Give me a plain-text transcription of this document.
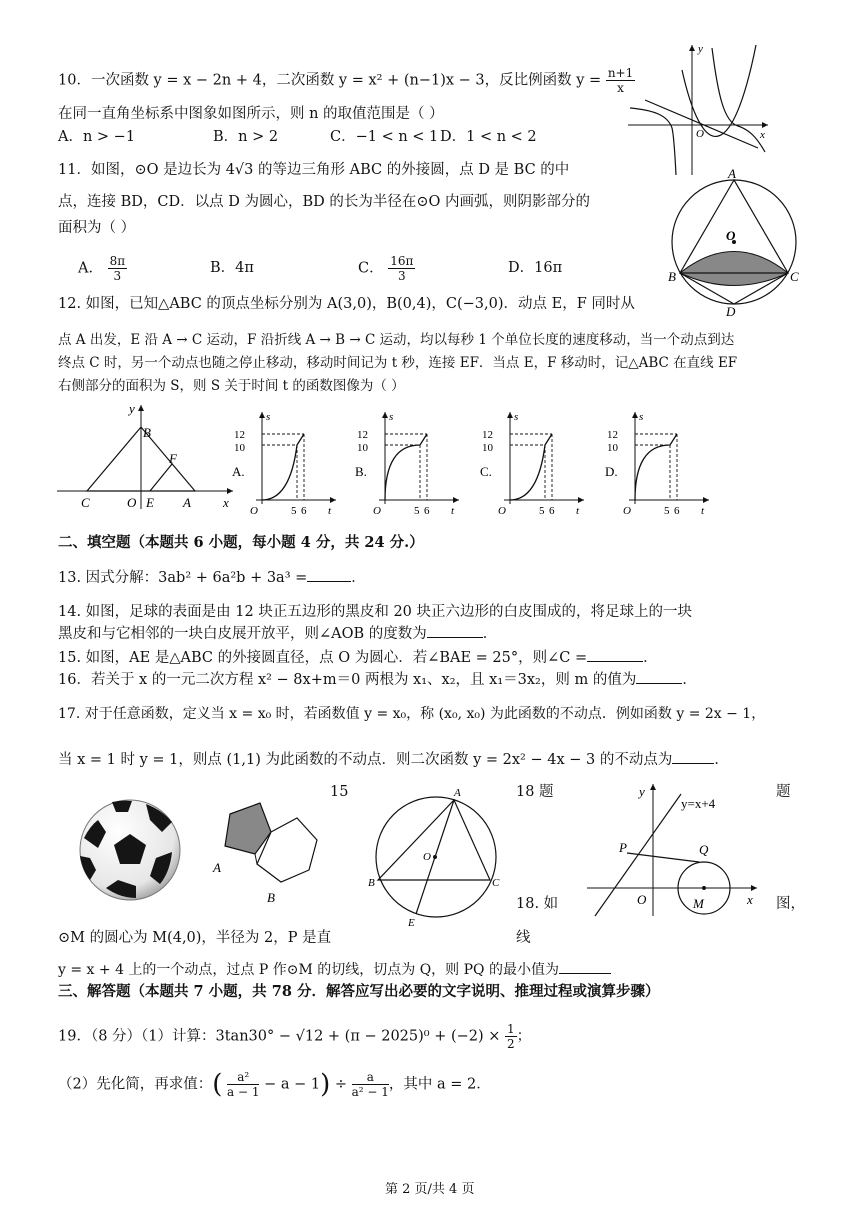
10．一次函数 y = x − 2n + 4，二次函数 y = x² + (n−1)x − 3，反比例函数 $y = \frac{n+1}{x}$
在同一直角坐标系中图象如图所示，则 n 的取值范围是（ ）
A．n > −1	B．n > 2	C．−1 < n < 1 D．1 < n < 2
y
O	x
11．如图，⊙O 是边长为 4√3 的等边三角形 ABC 的外接圆，点 D 是 BC 的中
点，连接 BD，CD．以点 D 为圆心，BD 的长为半径在⊙O 内画弧，则阴影部分的
面积为（ ）
A． $\frac{8\pi}{3}$	B．4π	C． $\frac{16\pi}{3}$	D．16π
A
O
B	C
D
12. 如图，已知△ABC 的顶点坐标分别为 A(3,0)，B(0,4)，C(−3,0)．动点 E，F 同时从
点 A 出发，E 沿 A → C 运动，F 沿折线 A → B → C 运动，均以每秒 1 个单位长度的速度移动，当一个动点到达
终点 C 时，另一个动点也随之停止移动，移动时间记为 t 秒，连接 EF．当点 E，F 移动时，记△ABC 在直线 EF
右侧部分的面积为 S，则 S 关于时间 t 的函数图像为（ ）
y
B
F
C	O E A x
A.
12
10
5 6
s
t
O
B.
12
10
5 6
s
t
O
C.
12
10
5 6
s
t
O
D.
12
10
5 6
s
t
O
二、填空题（本题共 6 小题，每小题 4 分，共 24 分.）
13. 因式分解：3ab² + 6a²b + 3a³ =	．
14. 如图，足球的表面是由 12 块正五边形的黑皮和 20 块正六边形的白皮围成的，将足球上的一块
黑皮和与它相邻的一块白皮展开放平，则∠AOB 的度数为	．
15. 如图，AE 是△ABC 的外接圆直径，点 O 为圆心．若∠BAE = 25°，则∠C =	．
16．若关于 x 的一元二次方程 x² − 8x+m＝0 两根为 x₁、x₂，且 x₁＝3x₂，则 m 的值为	．
17. 对于任意函数，定义当 x = x₀ 时，若函数值 y = x₀，称 (x₀, x₀) 为此函数的不动点．例如函数 y = 2x − 1，
当 x = 1 时 y = 1，则点 (1,1) 为此函数的不动点．则二次函数 y = 2x² − 4x − 3 的不动点为	．
15	18 题	题
A
B
A
O
B	C
E
y
y=x+4
P	Q
O	M	x
18. 如	图，
⊙M 的圆心为 M(4,0)，半径为 2，P 是直	线
y = x + 4 上的一个动点，过点 P 作⊙M 的切线，切点为 Q，则 PQ 的最小值为
三、解答题（本题共 7 小题，共 78 分．解答应写出必要的文字说明、推理过程或演算步骤）
19．（8 分）（1）计算：$3\tan 30^\circ - √12 + (\pi - 2025)^0 + (-2) \times \frac{1}{2}$ ；
（2）先化简，再求值：( $\frac{\text{a²}}{a - 1} - a - 1) \div \frac{a}{\text{a² − 1}}$ ，其中 a = 2．
第 2 页/共 4 页
